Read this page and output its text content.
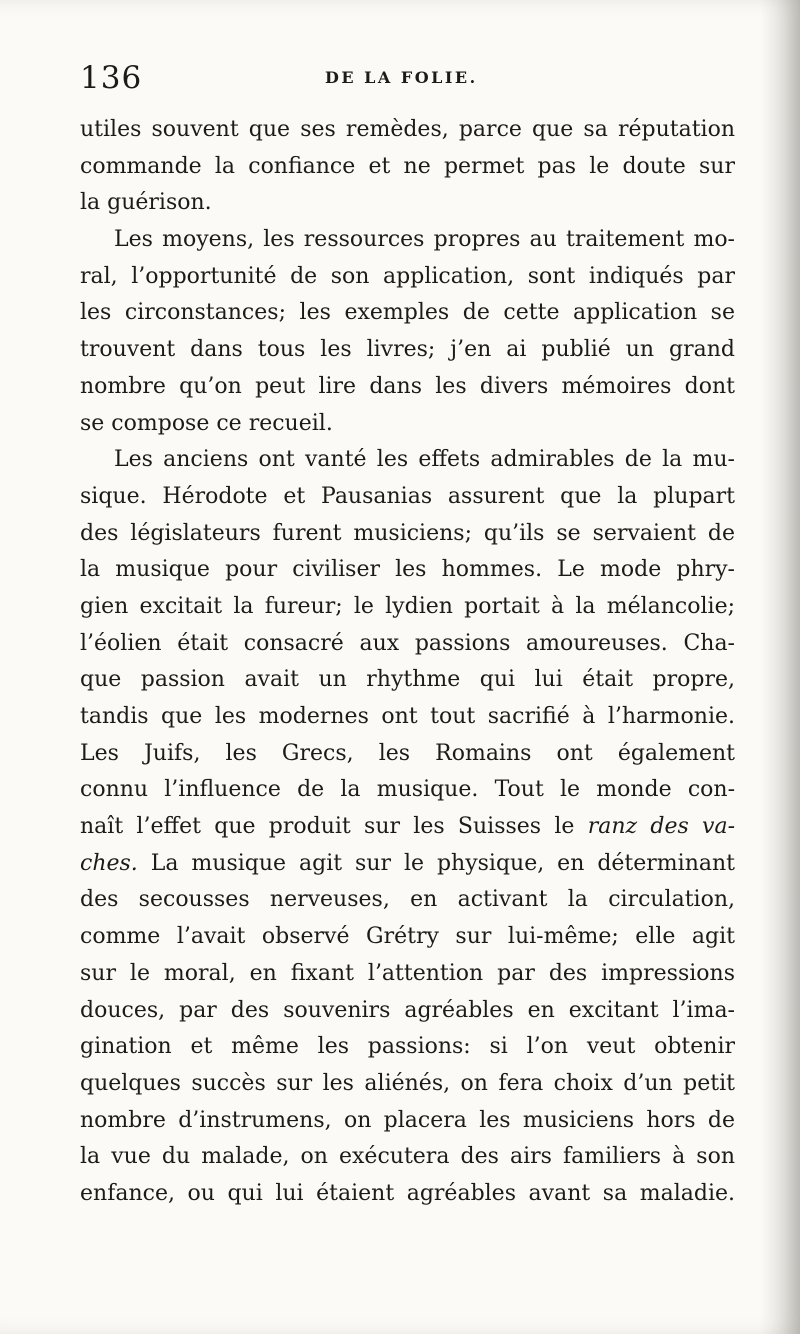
136	DE LA FOLIE.
utiles souvent que ses remèdes, parce que sa réputation
commande la confiance et ne permet pas le doute sur
la guérison.
Les moyens, les ressources propres au traitement mo-
ral, l’opportunité de son application, sont indiqués par
les circonstances; les exemples de cette application se
trouvent dans tous les livres; j’en ai publié un grand
nombre qu’on peut lire dans les divers mémoires dont
se compose ce recueil.
Les anciens ont vanté les effets admirables de la mu-
sique. Hérodote et Pausanias assurent que la plupart
des législateurs furent musiciens; qu’ils se servaient de
la musique pour civiliser les hommes. Le mode phry-
gien excitait la fureur; le lydien portait à la mélancolie;
l’éolien était consacré aux passions amoureuses. Cha-
que passion avait un rhythme qui lui était propre,
tandis que les modernes ont tout sacrifié à l’harmonie.
Les Juifs, les Grecs, les Romains ont également
connu l’influence de la musique. Tout le monde con-
naît l’effet que produit sur les Suisses le ranz des va-
ches. La musique agit sur le physique, en déterminant
des secousses nerveuses, en activant la circulation,
comme l’avait observé Grétry sur lui-même; elle agit
sur le moral, en fixant l’attention par des impressions
douces, par des souvenirs agréables en excitant l’ima-
gination et même les passions: si l’on veut obtenir
quelques succès sur les aliénés, on fera choix d’un petit
nombre d’instrumens, on placera les musiciens hors de
la vue du malade, on exécutera des airs familiers à son
enfance, ou qui lui étaient agréables avant sa maladie.
